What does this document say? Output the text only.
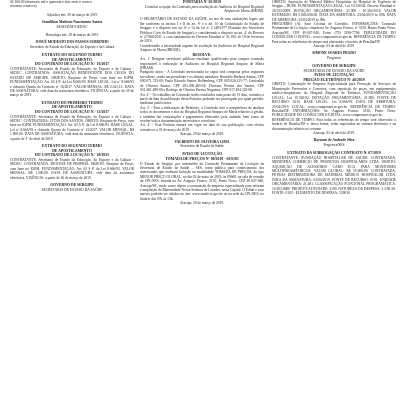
02.160,00 (dezesseis mil e quarenta e dois reais e cento e

sessenta centavos).

Adjudico em: 29 de março de 2019

Jeandilson Matheus Nascimento Santos

SEAD/DAF/GEDAC

Homologo em: 29 de março de 2019

JOSUÉ MODESTO DOS PASSOS SUBRINHO

Secretário de Estado da Educação, do Esporte e da Cultura

EXTRATO DO SEGUNDO TERMO

DE APOSTILAMENTO

DO CONTRATO DE LOCAÇÃO N.º 16/2017

CONTRATANTE: Secretaria de Estado da Educação, do Esporte e da Cultura - SEDUC. CONTRATADA: ASSOCIAÇÃO BENEFICENTE DOS CEGOS DO ESTADO DE SERGIPE. OBJETO: Reajuste de Preço, com base no IGPM. FUNDAMENTAÇÃO: Art. 65 § 8º da Lei 8.666/93. BASE LEGAL: Lei nº 8.666/93 e cláusula Quarta do Contrato nº 16/2017. VALOR MENSAL: R$ 2.541,13. DATA DE ASSINATURA: vide data da assinatura eletrônica. VIGÊNCIA: a partir de 29 de março de 2019.

EXTRATO DO PRIMEIRO TERMO

DE APOSTILAMENTO

DO CONTRATO DE LOCAÇÃO N.º 13/2017

CONTRATANTE: Secretaria de Estado da Educação, do Esporte e da Cultura - SEDUC. CONTRATADA: LYDIA DOS SANTOS. OBJETO: Reajuste de Preço, com base no IGPM. FUNDAMENTAÇÃO: Art. 65 § 8º da Lei 8.666/93. BASE LEGAL: Lei nº 8.666/93 e cláusula Quarta do Contrato nº 13/2017. VALOR MENSAL: R$ 1.800,00. DATA DE ASSINATURA: vide data da assinatura eletrônica. VIGÊNCIA: a partir de 1º de abril de 2019.

EXTRATO DO SEGUNDO TERMO

DE APOSTILAMENTO

DO CONTRATO DE LOCAÇÃO N.º 20/2015

CONTRATANTE: Secretaria de Estado da Educação, do Esporte e da Cultura - SEDUC. CONTRATADA: DIOCESE DE PROPRIÁ. OBJETO: Reajuste de Preço, com base no IGPM. FUNDAMENTAÇÃO: Art. 65 § 8º da Lei 8.666/93. VALOR MENSAL: R$ 1.300,00. DATA DE ASSINATURA: vide data da assinatura eletrônica. VIGÊNCIA: a partir de 26 de março de 2019.

GOVERNO DE SERGIPE

SECRETARIA DE ESTADO DA SAÚDE

PORTARIA Nº 65/2019

Constituí a equipe da Comissão para avaliação de Auditoria do Hospital Regional Amparo de Maria (HRAM).

O SECRETÁRIO DE ESTADO DA SAÚDE, no uso de suas atribuições legais que lhe conferem os incisos I e II do art. 9º e o art. 10 da Constituição do Estado de Sergipe, e o disposto nos art. 6º e 14 da Lei nº 2.148/1977 (Estatuto dos Servidores Públicos Civis do Estado de Sergipe), e considerando o disposto no art. 4º do Decreto nº 27.860/2011, e com fundamento no Decreto Estadual nº 33.100, de 19 de fevereiro de 2019;

Considerando a necessidade urgente de avaliação da Auditoria no Hospital Regional Amparo de Maria (HRAM);

RESOLVE:

Art. 1º Designar servidores públicos estaduais qualificados para compor comissão responsável à realização de Auditoria no Hospital Regional Amparo de Maria (HRAM).

Parágrafo único - A Comissão mencionada no caput será composta pelos seguintes servidores, sendo um presidente e os demais membros: Romildo Barbosa Santos, CPF 000.071.745-00; Paulo Ricardo Santos Rollemberg, CPF 005.026.215-77; Genivaldo de Oliveira Santos, CPF 281.490.465-04; Flaviano Pereira dos Santos, CPF 031.461.489-00 e Rodrigo de Oliveira Pereira Nogueira, CPF 017.494.325-00.

Art. 2º - Os trabalhos da Comissão serão concluídos num prazo de 15 dias, contados a partir da data da publicação desta Portaria, podendo ser prorrogado por igual período, mediante justificativa.

Art. 3º - Para a elaboração do Relatório, a Comissão terá a competência de analisar todos os documentos e atos do Hospital Regional Amparo de Maria relativos à gestão, e também das contratações e pagamentos efetivados pela unidade, bem como de receber toda a documentação necessária e correlatos.

Art. 4º - Esta Portaria entrará em vigor na data de sua publicação, com efeitos retroativos a 01 de março de 2019.

Aracaju, 29 de março de 2019.

VALBERTO DE OLIVEIRA LIMA

Secretário de Estado da Saúde

AVISO DE LICITAÇÃO

TOMADA DE PREÇOS Nº 09/2019 - SES/SE

O Estado de Sergipe, por intermédio da Comissão Permanente de Licitação da Secretaria de Estado da Saúde – SES, torna público para conhecimento dos interessados que realizará licitação na modalidade TOMADA DE PREÇOS, do tipo MENOR PREÇO GLOBAL, no dia 02 de maio de 2019, às 09h00, na sala de reunião da CPL/SES, situada na Av. Augusto Franco, 3150, Ponto Novo, CEP 49.047-040, Aracaju/SE, tendo como objeto a contratação de empresa especializada para reforma e ampliação da Maternidade Nossa Senhora de Lourdes, nesta Capital. O Edital e seus anexos poderão ser obtidos no site: www.saude.se.gov.br ou na sede da CPL/SES, no horário das 07h às 13h.

Aracaju, 29 de março de 2019.

OBJETO: Aquisição de Material Médico Hospitalar do Hospital de Urgência de Sergipe – HUSE. FUNDAMENTAÇÃO LEGAL: Lei 10.520/02, Decreto Estadual nº 26.533/2009. DOTAÇÃO ORÇAMENTÁRIA: 21.000 - 10.302.0016. VALOR ESTIMADO: R$ 5.846.000,00. DATA DA ABERTURA: 23/04/2019 às 09h. DATA DE ABERTURA: 23/04/2019 às 09h.

PREGOEIRO (A): Sara Cristina de Carvalho. INFORMAÇÕES: Comissão Permanente de Licitação, situada na Av. Augusto Franco, nº 3150, Bairro Ponto Novo, Aracaju/SE, CEP 49.047-040, Fone: (79) 3198-7706. PUBLICIDADE DO CONSULTAR O EDITAL: www.comprasnet.se.gov.br. REFERÊNCIA DE TEMPO: Para todas as referências de tempo será observado o horário de Brasília/DF.

Aracaju, 03 de abril de 2019.

SIMONE SOARES PRADO

Pregoeira

GOVERNO DE SERGIPE

SECRETARIA DE ESTADO DA SAÚDE

AVISO DE LICITAÇÃO

PREGÃO ELETRÔNICO Nº 46/2019

OBJETO: Contratação de Empresa Especializada para Prestação de Serviços de Manutenção Preventiva e Corretiva, com reposição de peças, em equipamentos médico-hospitalares do Hospital Regional de Estância. FUNDAMENTAÇÃO LEGAL: Lei 10.520/02. DOTAÇÃO ORÇAMENTÁRIA: 21.000. FONTE DE RECURSO: 0210. BASE LEGAL: Lei 8.666/93. DATA DE ABERTURA: 25/04/2019. LOCAL: www.comprasnet.se.gov.br. REFERÊNCIA DE TEMPO: Brasília/DF. INFORMAÇÕES: Av. Augusto Franco, 3150, Ponto Novo. PUBLICIDADE DO CONSULTAR O EDITAL: www.comprasnet.se.gov.br.

REFERÊNCIA DE TEMPO: Para todas as referências de tempo será observado o horário de Brasília/DF e, dessa forma, serão registradas no sistema eletrônico e na documentação relativa ao certame.

Aracaju, 03 de abril de 2019.

Rayanne de Andrade Silva

Pregoeira/SES

EXTRATO DA SUBROGAÇÃO CONTRATO N. 07/2019

CONTRATANTE: FUNDAÇÃO HOSPITALAR DE SAÚDE. CONTRATADA: MEDINFRA COMÉRCIO DE PRODUTOS HOSPITALARES LTDA. OBJETO: AQUISIÇÃO DE ACESSÓRIO CABO ECG PARA MONITORES MULTIPARAMÉTRICOS. VALOR GLOBAL: R$ 55.000,00. CONTRATADA: PETRAS DISTRIBUIDORA DE MATERIAL MÉDICO HOSPITALAR LTDA. DATA DA ASSINATURA: 02/04/2019. FONTE DE RECURSO: 0192. UNIDADE ORÇAMENTÁRIA: 21.401. CLASSIFICAÇÃO FUNCIONAL PROGRAMÁTICA: 10.302.0000. PROJETO/ATIVIDADE: 2190. NATUREZA DA DESPESA: 3.3.90.30.

FONTE: 0192 - ELEMENTO DE DESPESA: 339030.
